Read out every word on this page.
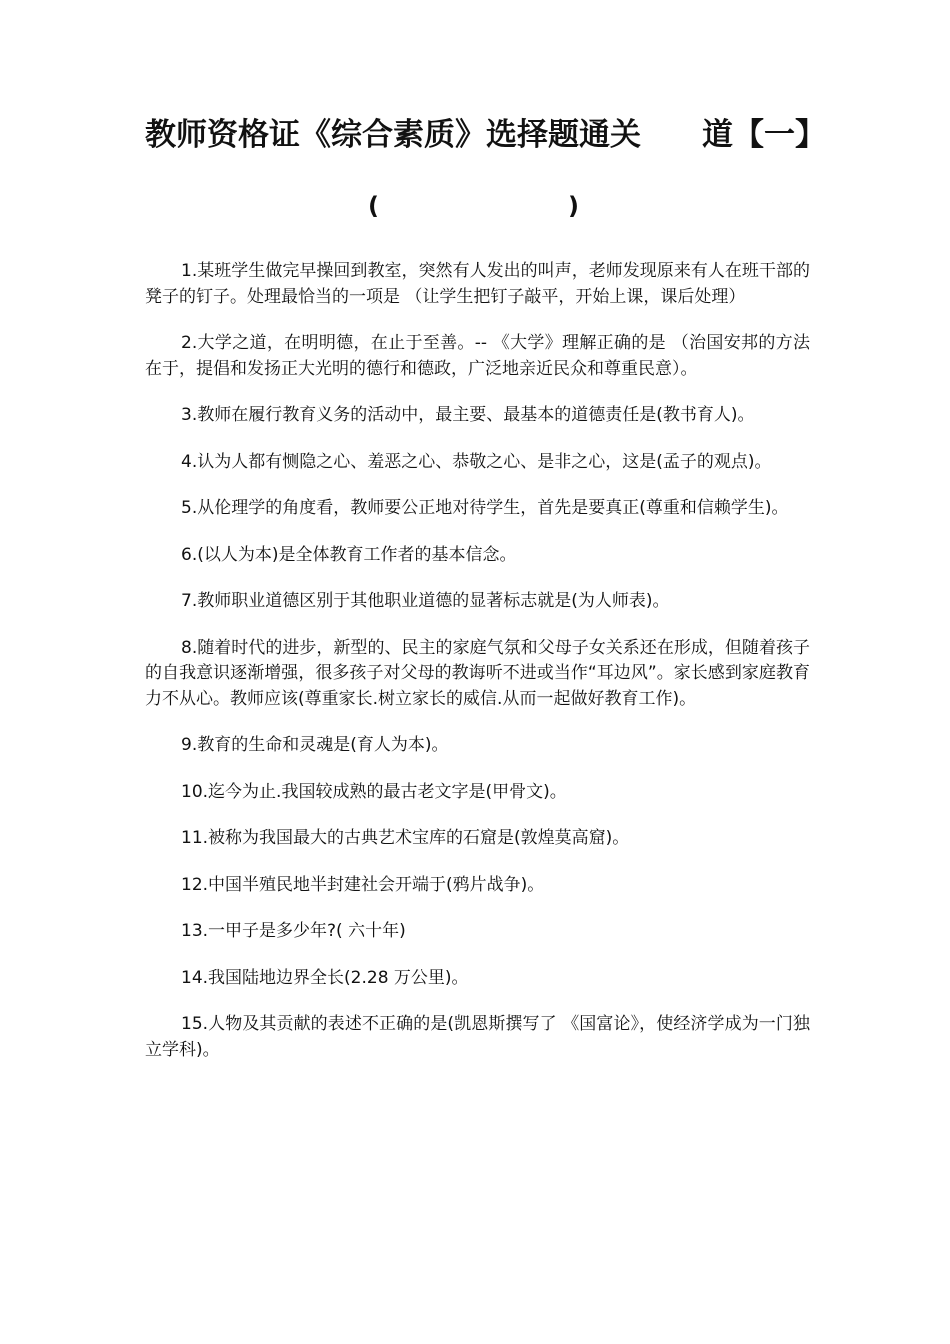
教师资格证《综合素质》选择题通关 道【一】
(	)

1.某班学生做完早操回到教室，突然有人发出的叫声，老师发现原来有人在班干部的凳子的钉子。处理最恰当的一项是 （让学生把钉子敲平，开始上课，课后处理）

2.大学之道，在明明德，在止于至善。-- 《大学》理解正确的是 （治国安邦的方法在于，提倡和发扬正大光明的德行和德政，广泛地亲近民众和尊重民意）。

3.教师在履行教育义务的活动中，最主要、最基本的道德责任是(教书育人)。

4.认为人都有恻隐之心、羞恶之心、恭敬之心、是非之心，这是(孟子的观点)。

5.从伦理学的角度看，教师要公正地对待学生，首先是要真正(尊重和信赖学生)。

6.(以人为本)是全体教育工作者的基本信念。

7.教师职业道德区别于其他职业道德的显著标志就是(为人师表)。

8.随着时代的进步，新型的、民主的家庭气氛和父母子女关系还在形成，但随着孩子的自我意识逐渐增强，很多孩子对父母的教诲听不进或当作“耳边风”。家长感到家庭教育力不从心。教师应该(尊重家长.树立家长的威信.从而一起做好教育工作)。

9.教育的生命和灵魂是(育人为本)。

10.迄今为止.我国较成熟的最古老文字是(甲骨文)。

11.被称为我国最大的古典艺术宝库的石窟是(敦煌莫高窟)。

12.中国半殖民地半封建社会开端于(鸦片战争)。

13.一甲子是多少年?( 六十年)

14.我国陆地边界全长(2.28 万公里)。

15.人物及其贡献的表述不正确的是(凯恩斯撰写了 《国富论》，使经济学成为一门独立学科)。
